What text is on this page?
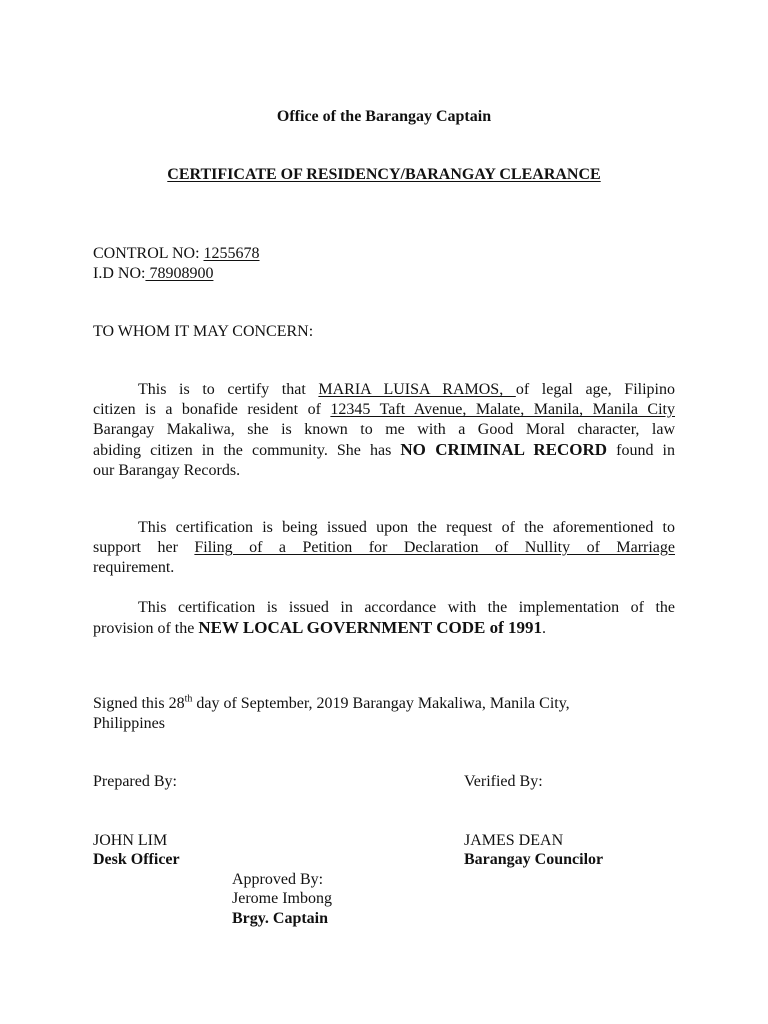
Office of the Barangay Captain
CERTIFICATE OF RESIDENCY/BARANGAY CLEARANCE
CONTROL NO: 1255678
I.D NO: 78908900
TO WHOM IT MAY CONCERN:
This is to certify that MARIA LUISA RAMOS, of legal age, Filipino
citizen is a bonafide resident of 12345 Taft Avenue, Malate, Manila, Manila City
Barangay Makaliwa, she is known to me with a Good Moral character, law
abiding citizen in the community. She has NO CRIMINAL RECORD found in
our Barangay Records.
This certification is being issued upon the request of the aforementioned to
support her Filing of a Petition for Declaration of Nullity of Marriage
requirement.
This certification is issued in accordance with the implementation of the
provision of the NEW LOCAL GOVERNMENT CODE of 1991.
Signed this 28th day of September, 2019 Barangay Makaliwa, Manila City,
Philippines
Prepared By:	Verified By:
JOHN LIM
Desk Officer
JAMES DEAN
Barangay Councilor
Approved By:
Jerome Imbong
Brgy. Captain
